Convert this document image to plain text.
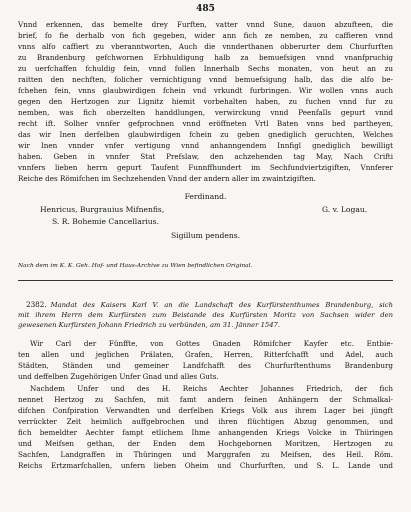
485
Vnnd erkennen, das bemelte drey Furften, vatter vnnd Sune, dauon abzufteen, die
brief, fo fie derhalb von fich gegeben, wider ann fich ze nemben, zu caffieren vnnd
vnns alfo caffiert zu vberanntworten, Auch die vnnderthanen obberurter dem Churfurften
zu Brandenburg gefchwornen Erbhuldigung halb za bemuefsigen vnnd vnanfpruchig
zu uerfchaffen fchuldig fein, vnnd follen Innerhalb Sechs monaten, von heut an zu
raitten den nechften, folicher vernichtigung vnnd bemuefsigung halb, das die alfo be-
fchehen fein, vnns glaubwirdigen fchein vnd vrkundt furbringen. Wir wollen vnns auch
gegen den Hertzogen zur Lignitz hiemit vorbehalten haben, zu fuchen vnnd fur zu
nemben, was fich oberzelten handdlungen, verwirckung vnnd Peenfalls gepurt vnnd
recht ift. Solher vnnfer gefprochnen vnnd eröffneten Vrtl Baten vnns bed partheyen,
das wir Inen derfelben glaubwirdigen fchein zu geben gnediglich geruchten, Welches
wir Inen vnnder vnfer vertigung vnnd anhanngendem Innfigl gnediglich bewilligt
haben. Geben in vnnfer Stat Prefslaw, den achzehenden tag May, Nach Crifti
vnnfers lieben herrn gepurt Taufent Funnffhundert im Sechfundviertzigiften, Vnnferer
Reiche des Römifchen im Sechzehenden Vnnd der andern aller im zwaintzigiften.
Ferdinand.
Henricus, Burgrauius Mifnenfis,	G. v. Logau.
S. R. Bohemie Cancellarius.
Sigillum pendens.
Nach dem im K. K. Geh. Hof- und Haus-Archive zu Wien befindlichen Original.
2382. Mandat des Kaisers Karl V. an die Landschaft des Kurfürstenthumes Brandenburg, sich
mit ihrem Herrn dem Kurfürsten zum Beistande des Kurfürsten Moritz von Sachsen wider den
gewesenen Kurfürsten Johann Friedrich zu verbünden, am 31. Jänner 1547.
Wir Carl der Fünffte, von Gottes Gnaden Römifcher Kayfer etc. Entbie-
ten allen und jeglichen Prälaten, Grafen, Herren, Ritterfchafft und Adel, auch
Städten, Ständen und gemeiner Landfchafft des Churfurftenthums Brandenburg
und deffelben Zugehörigen Unfer Gnad und alles Guts.
Nachdem Unfer und des H. Reichs Aechter Johannes Friedrich, der fich
nennet Hertzog zu Sachfen, mit famt andern feinen Anhängern der Schmalkal-
difchen Confpiration Verwandten und derfelben Kriegs Volk aus ihrem Lager bei jüngft
verrückter Zeit heimlich auffgebrochen und ihren flüchtigen Abzug genommen, und
fich bemeldter Aechter fampt etlichem Ihme anhangenden Kriegs Volcke in Thüringen
und Meifsen gethan, der Enden dem Hochgebornen Moritzen, Hertzogen zu
Sachfen, Landgraffen in Thüringen und Marggrafen zu Meifsen, des Heil. Röm.
Reichs Ertzmarfchallen, unfern lieben Oheim und Churfurften, und S. L. Lande und
